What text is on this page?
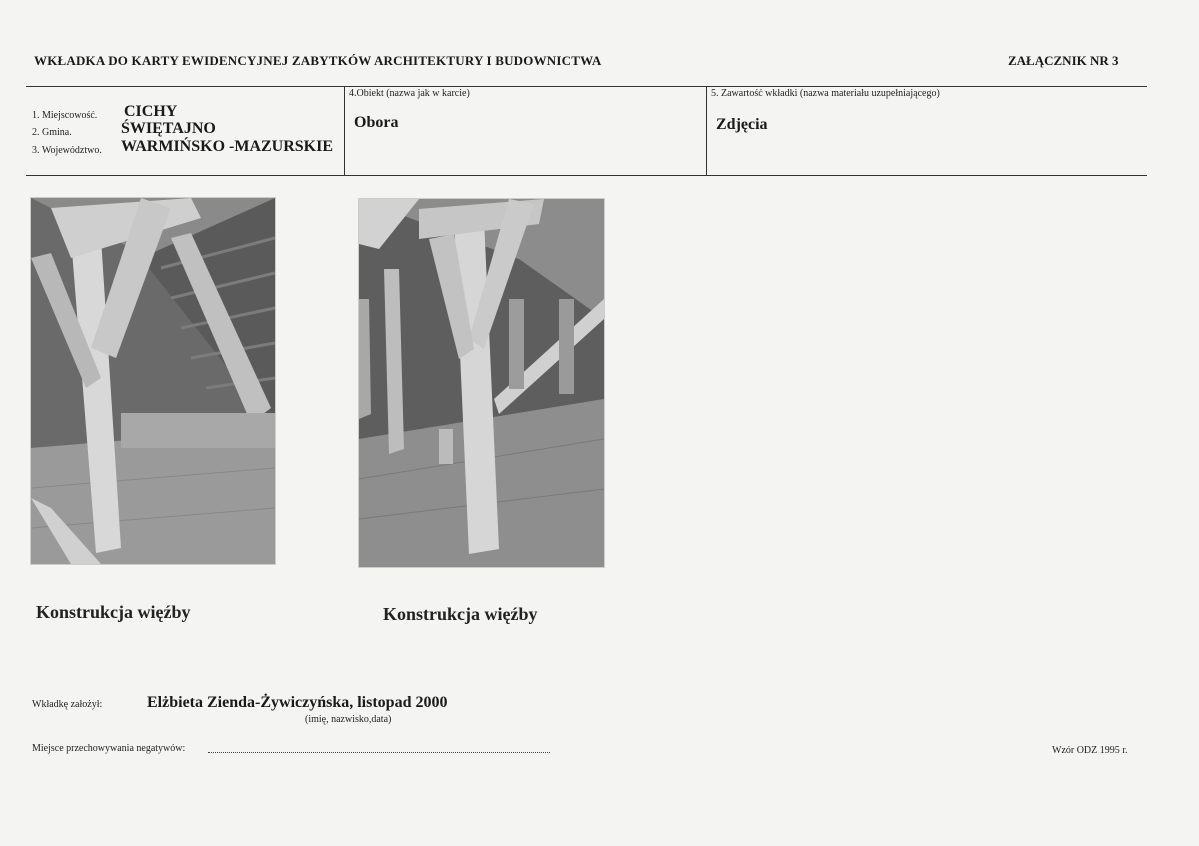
WKŁADKA DO KARTY EWIDENCYJNEJ ZABYTKÓW ARCHITEKTURY I BUDOWNICTWA	ZAŁĄCZNIK NR 3
1. Miejscowość. CICHY
2. Gmina.	ŚWIĘTAJNO
3. Województwo. WARMIŃSKO -MAZURSKIE
4.Obiekt (nazwa jak w karcie)
Obora
5. Zawartość wkładki (nazwa materiału uzupełniającego)
Zdjęcia
Konstrukcja więźby	Konstrukcja więźby
Wkładkę założył:	Elżbieta Zienda-Żywiczyńska, listopad 2000
(imię, nazwisko,data)
Miejsce przechowywania negatywów:	Wzór ODZ 1995 r.
